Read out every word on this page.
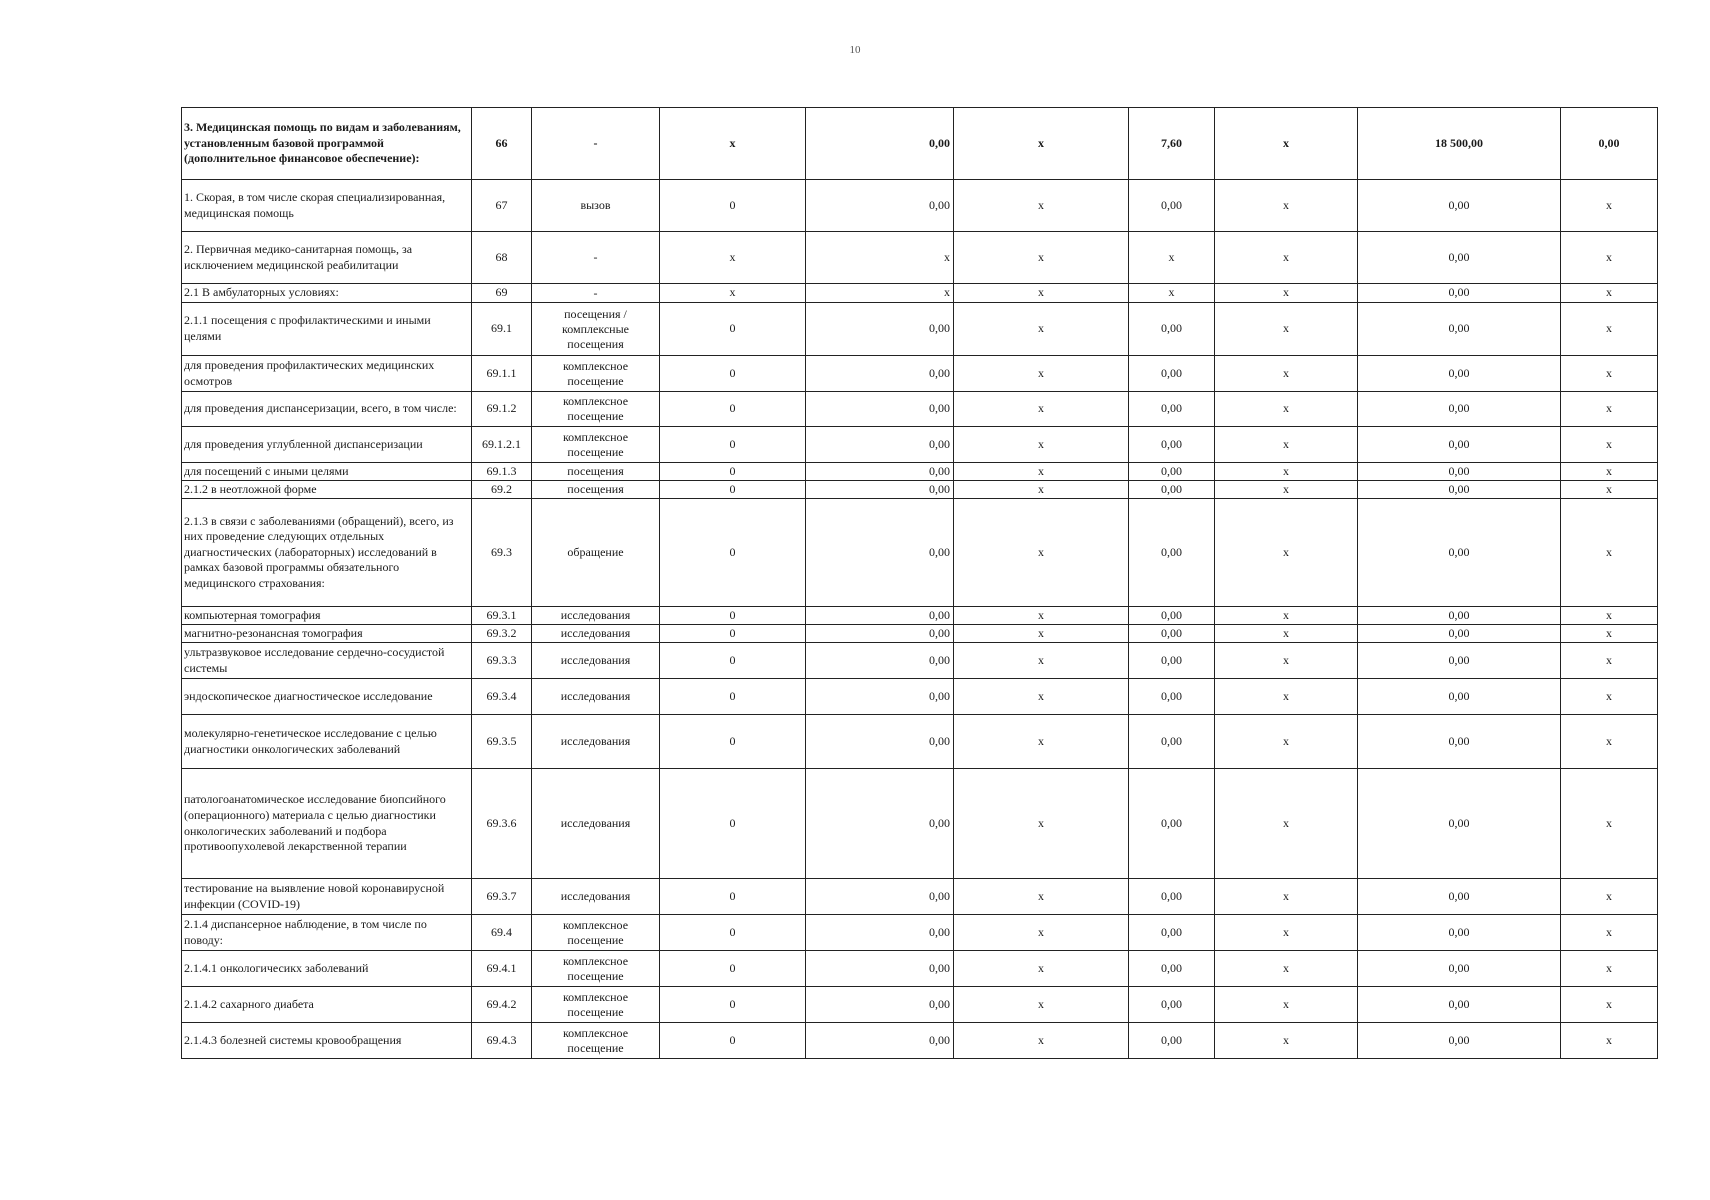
10
3. Медицинская помощь по видам и заболеваниям, установленным базовой программой (дополнительное финансовое обеспечение):	66	-	х	0,00	х	7,60	х	18 500,00	0,00
1. Скорая, в том числе скорая специализированная, медицинская помощь	67	вызов	0	0,00	х	0,00	х	0,00	х
2. Первичная медико-санитарная помощь, за исключением медицинской реабилитации	68	-	х	х	х	х	х	0,00	х
2.1 В амбулаторных условиях:	69	-	х	х	х	х	х	0,00	х
2.1.1 посещения с профилактическими и иными целями	69.1	посещения / комплексные посещения	0	0,00	х	0,00	х	0,00	х
для проведения профилактических медицинских осмотров	69.1.1	комплексное посещение	0	0,00	х	0,00	х	0,00	х
для проведения диспансеризации, всего, в том числе:	69.1.2	комплексное посещение	0	0,00	х	0,00	х	0,00	х
для проведения углубленной диспансеризации	69.1.2.1	комплексное посещение	0	0,00	х	0,00	х	0,00	х
для посещений с иными целями	69.1.3	посещения	0	0,00	х	0,00	х	0,00	х
2.1.2 в неотложной форме	69.2	посещения	0	0,00	х	0,00	х	0,00	х
2.1.3 в связи с заболеваниями (обращений), всего, из них проведение следующих отдельных диагностических (лабораторных) исследований в рамках базовой программы обязательного медицинского страхования:	69.3	обращение	0	0,00	х	0,00	х	0,00	х
компьютерная томография	69.3.1	исследования	0	0,00	х	0,00	х	0,00	х
магнитно-резонансная томография	69.3.2	исследования	0	0,00	х	0,00	х	0,00	х
ультразвуковое исследование сердечно-сосудистой системы	69.3.3	исследования	0	0,00	х	0,00	х	0,00	х
эндоскопическое диагностическое исследование	69.3.4	исследования	0	0,00	х	0,00	х	0,00	х
молекулярно-генетическое исследование с целью диагностики онкологических заболеваний	69.3.5	исследования	0	0,00	х	0,00	х	0,00	х
патологоанатомическое исследование биопсийного (операционного) материала с целью диагностики онкологических заболеваний и подбора противоопухолевой лекарственной терапии	69.3.6	исследования	0	0,00	х	0,00	х	0,00	х
тестирование на выявление новой коронавирусной инфекции (COVID-19)	69.3.7	исследования	0	0,00	х	0,00	х	0,00	х
2.1.4 диспансерное наблюдение, в том числе по поводу:	69.4	комплексное посещение	0	0,00	х	0,00	х	0,00	х
2.1.4.1 онкологичесикх заболеваний	69.4.1	комплексное посещение	0	0,00	х	0,00	х	0,00	х
2.1.4.2 сахарного диабета	69.4.2	комплексное посещение	0	0,00	х	0,00	х	0,00	х
2.1.4.3 болезней системы кровообращения	69.4.3	комплексное посещение	0	0,00	х	0,00	х	0,00	х
